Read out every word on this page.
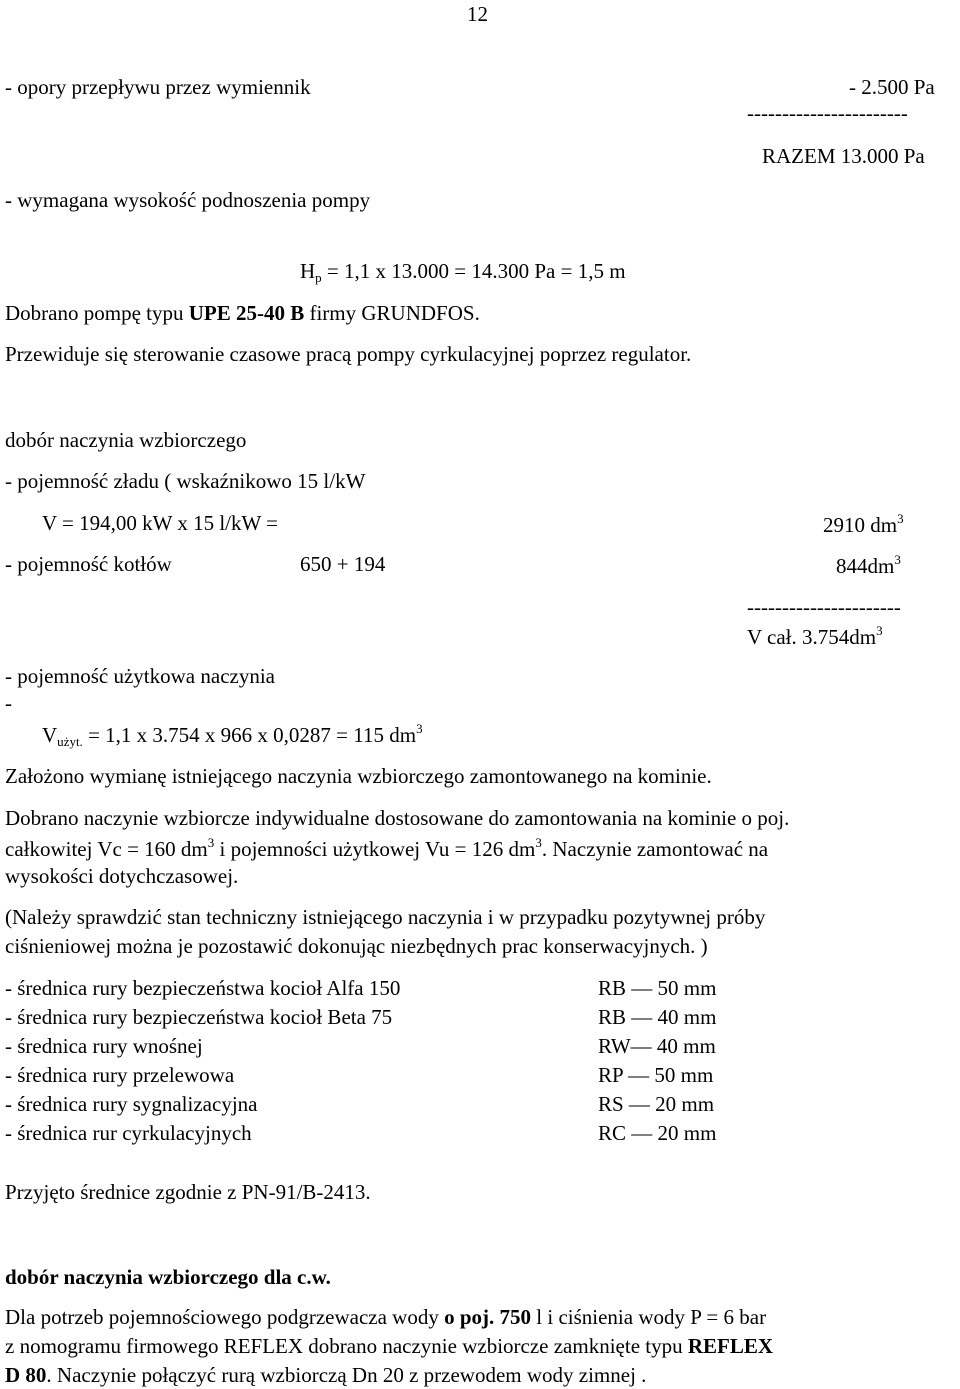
12
- opory przepływu przez wymiennik	- 2.500 Pa
-----------------------
RAZEM 13.000 Pa
- wymagana wysokość podnoszenia pompy
$H_p = 1,1$ x 13.000 = 14.300 Pa = 1,5 m
Dobrano pompę typu UPE 25-40 B firmy GRUNDFOS.
Przewiduje się sterowanie czasowe pracą pompy cyrkulacyjnej poprzez regulator.
dobór naczynia wzbiorczego
- pojemność zładu ( wskaźnikowo 15 l/kW
V = 194,00 kW x 15 l/kW =	2910 $dm^3$
- pojemność kotłów	650 + 194	$844dm^3$
----------------------
V cał. $3.754dm^3$
- pojemność użytkowa naczynia
-
$V_{użyt.} = 1,1$ x 3.754 x 966 x 0,0287 = 115 $dm^3$
Założono wymianę istniejącego naczynia wzbiorczego zamontowanego na kominie.
Dobrano naczynie wzbiorcze indywidualne dostosowane do zamontowania na kominie o poj.
całkowitej Vc = 160 $dm^3$ i pojemności użytkowej Vu = 126 $dm^3$. Naczynie zamontować na
wysokości dotychczasowej.
(Należy sprawdzić stan techniczny istniejącego naczynia i w przypadku pozytywnej próby
ciśnieniowej można je pozostawić dokonując niezbędnych prac konserwacyjnych. )
- średnica rury bezpieczeństwa kocioł Alfa 150	RB — 50 mm
- średnica rury bezpieczeństwa kocioł Beta 75	RB — 40 mm
- średnica rury wnośnej	RW— 40 mm
- średnica rury przelewowa	RP — 50 mm
- średnica rury sygnalizacyjna	RS — 20 mm
- średnica rur cyrkulacyjnych	RC — 20 mm
Przyjęto średnice zgodnie z PN-91/B-2413.
dobór naczynia wzbiorczego dla c.w.
Dla potrzeb pojemnościowego podgrzewacza wody o poj. 750 l i ciśnienia wody P = 6 bar
z nomogramu firmowego REFLEX dobrano naczynie wzbiorcze zamknięte typu REFLEX
D 80. Naczynie połączyć rurą wzbiorczą Dn 20 z przewodem wody zimnej .
